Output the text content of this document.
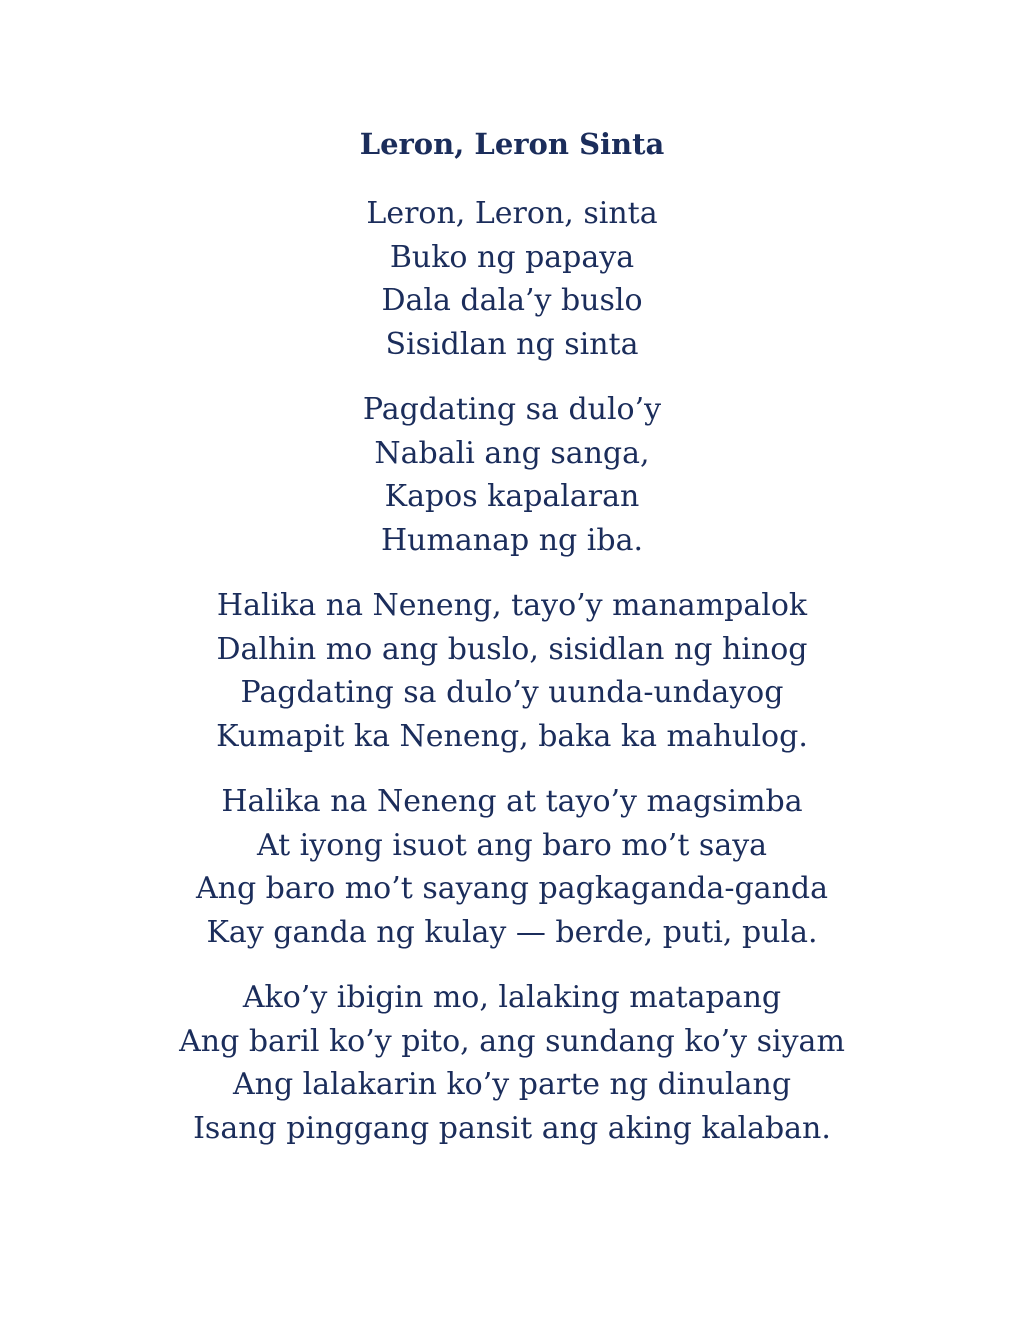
Leron, Leron Sinta
Leron, Leron, sinta
Buko ng papaya
Dala dala’y buslo
Sisidlan ng sinta
Pagdating sa dulo’y
Nabali ang sanga,
Kapos kapalaran
Humanap ng iba.
Halika na Neneng, tayo’y manampalok
Dalhin mo ang buslo, sisidlan ng hinog
Pagdating sa dulo’y uunda-undayog
Kumapit ka Neneng, baka ka mahulog.
Halika na Neneng at tayo’y magsimba
At iyong isuot ang baro mo’t saya
Ang baro mo’t sayang pagkaganda-ganda
Kay ganda ng kulay — berde, puti, pula.
Ako’y ibigin mo, lalaking matapang
Ang baril ko’y pito, ang sundang ko’y siyam
Ang lalakarin ko’y parte ng dinulang
Isang pinggang pansit ang aking kalaban.
